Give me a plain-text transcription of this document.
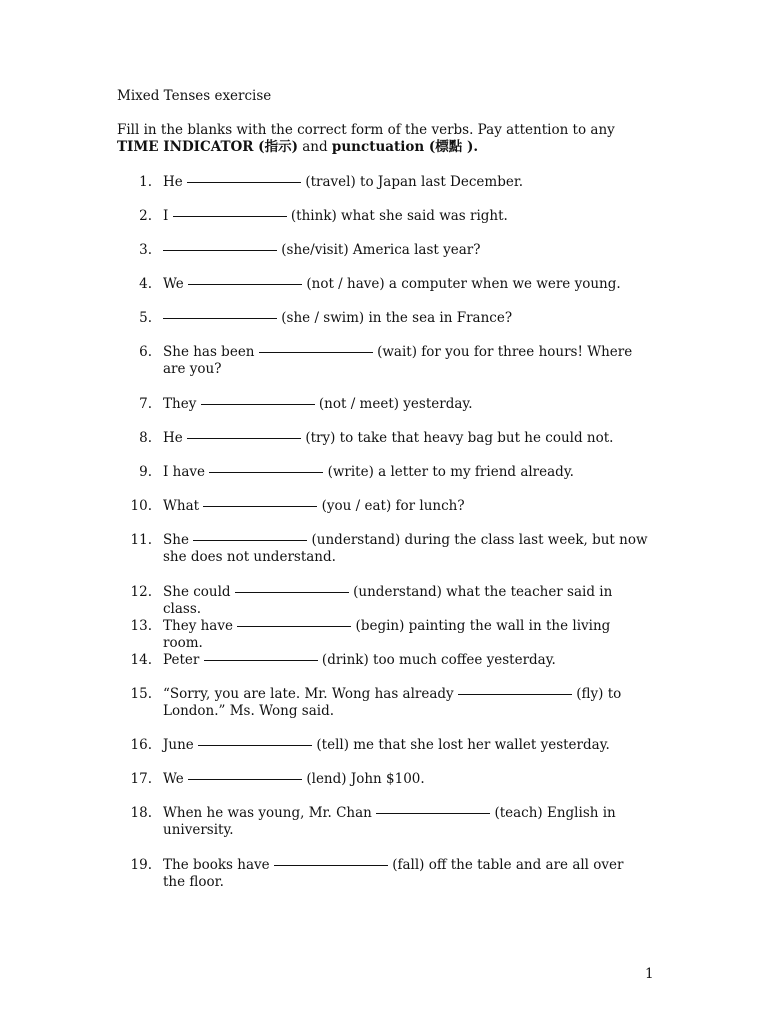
Mixed Tenses exercise
Fill in the blanks with the correct form of the verbs. Pay attention to any TIME INDICATOR (指示) and punctuation (標點 ).
1. He	(travel) to Japan last December.
2. I	(think) what she said was right.
3.	(she/visit) America last year?
4. We	(not / have) a computer when we were young.
5.	(she / swim) in the sea in France?
6. She has been	(wait) for you for three hours! Where are you?
7. They	(not / meet) yesterday.
8. He	(try) to take that heavy bag but he could not.
9. I have	(write) a letter to my friend already.
10. What	(you / eat) for lunch?
11. She	(understand) during the class last week, but now she does not understand.
12. She could	(understand) what the teacher said in class.
13. They have	(begin) painting the wall in the living room.
14. Peter	(drink) too much coffee yesterday.
15. “Sorry, you are late. Mr. Wong has already	(fly) to London.” Ms. Wong said.
16. June	(tell) me that she lost her wallet yesterday.
17. We	(lend) John $100.
18. When he was young, Mr. Chan	(teach) English in university.
19. The books have	(fall) off the table and are all over the floor.
1
